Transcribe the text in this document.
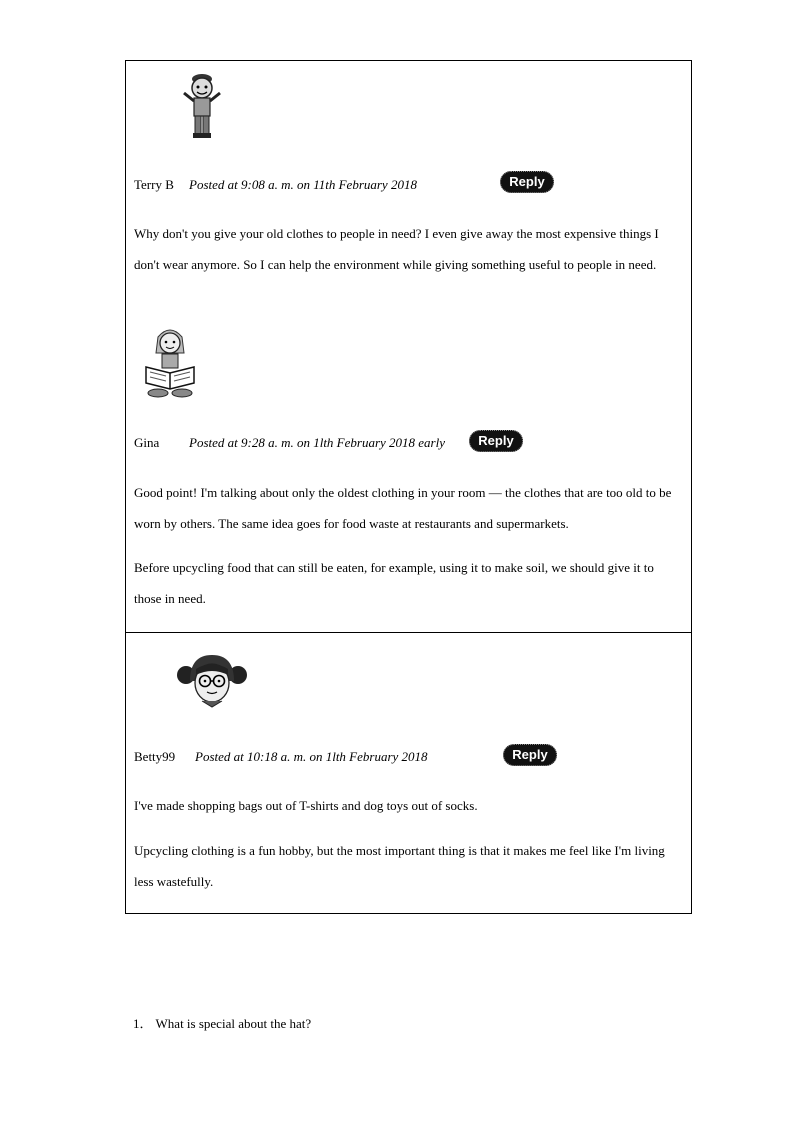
Terry B Posted at 9:08 a. m. on 11th February 2018	Reply

Why don't you give your old clothes to people in need? I even give away the most expensive things I don't wear anymore. So I can help the environment while giving something useful to people in need.

Gina Posted at 9:28 a. m. on 1lth February 2018 early	Reply

Good point! I'm talking about only the oldest clothing in your room — the clothes that are too old to be worn by others. The same idea goes for food waste at restaurants and supermarkets.

Before upcycling food that can still be eaten, for example, using it to make soil, we should give it to those in need.

Betty99 Posted at 10:18 a. m. on 1lth February 2018	Reply

I've made shopping bags out of T-shirts and dog toys out of socks.

Upcycling clothing is a fun hobby, but the most important thing is that it makes me feel like I'm living less wastefully.

1． What is special about the hat?
